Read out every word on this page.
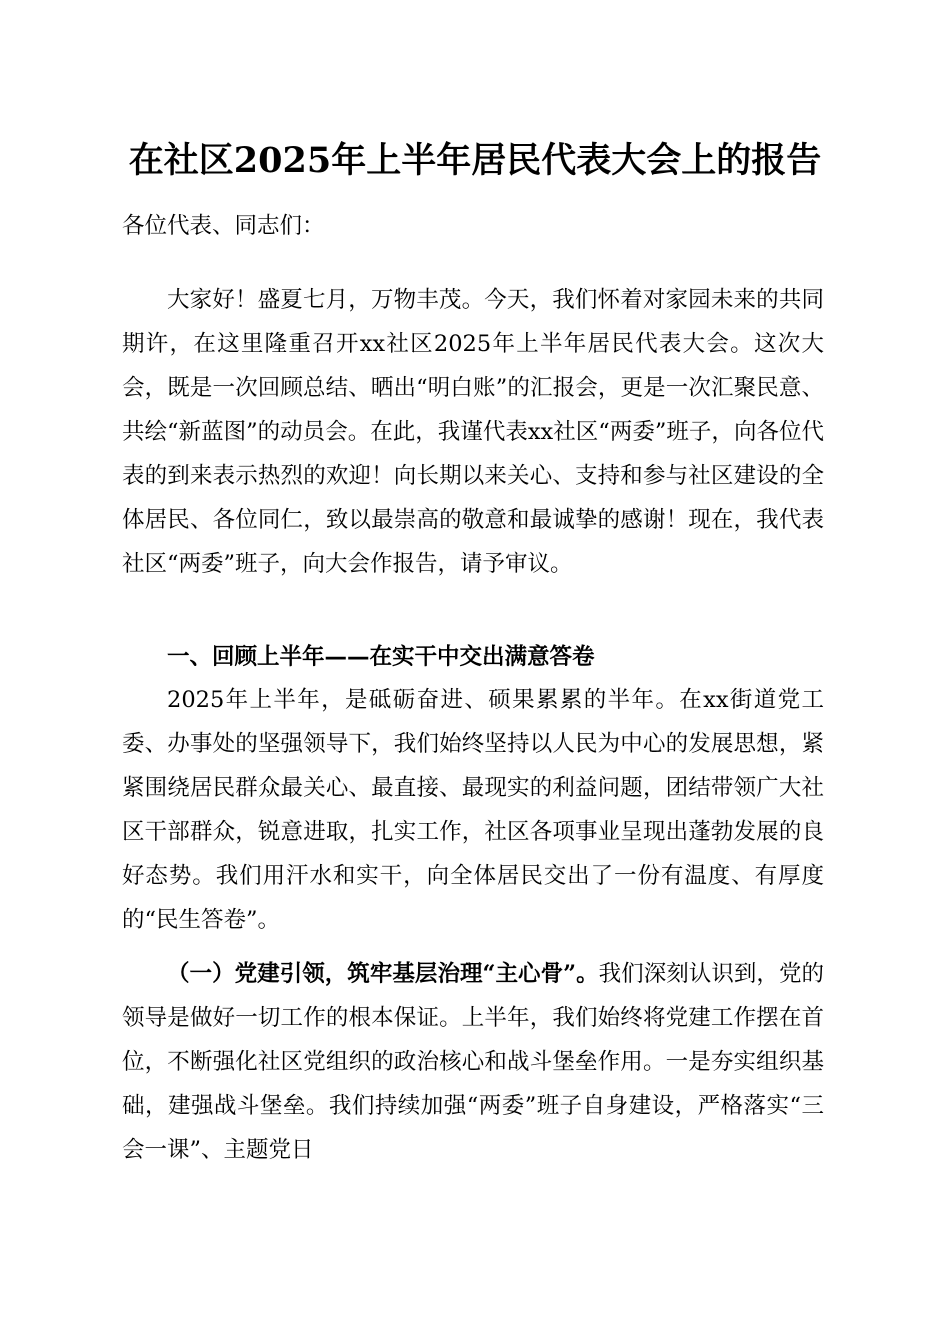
在社区2025年上半年居民代表大会上的报告
各位代表、同志们：
大家好！盛夏七月，万物丰茂。今天，我们怀着对家园未来的共同期许，在这里隆重召开xx社区2025年上半年居民代表大会。这次大会，既是一次回顾总结、晒出“明白账”的汇报会，更是一次汇聚民意、共绘“新蓝图”的动员会。在此，我谨代表xx社区“两委”班子，向各位代表的到来表示热烈的欢迎！向长期以来关心、支持和参与社区建设的全体居民、各位同仁，致以最崇高的敬意和最诚挚的感谢！现在，我代表社区“两委”班子，向大会作报告，请予审议。
一、回顾上半年——在实干中交出满意答卷
2025年上半年，是砥砺奋进、硕果累累的半年。在xx街道党工委、办事处的坚强领导下，我们始终坚持以人民为中心的发展思想，紧紧围绕居民群众最关心、最直接、最现实的利益问题，团结带领广大社区干部群众，锐意进取，扎实工作，社区各项事业呈现出蓬勃发展的良好态势。我们用汗水和实干，向全体居民交出了一份有温度、有厚度的“民生答卷”。
（一）党建引领，筑牢基层治理“主心骨”。我们深刻认识到，党的领导是做好一切工作的根本保证。上半年，我们始终将党建工作摆在首位，不断强化社区党组织的政治核心和战斗堡垒作用。一是夯实组织基础，建强战斗堡垒。我们持续加强“两委”班子自身建设，严格落实“三会一课”、主题党日
